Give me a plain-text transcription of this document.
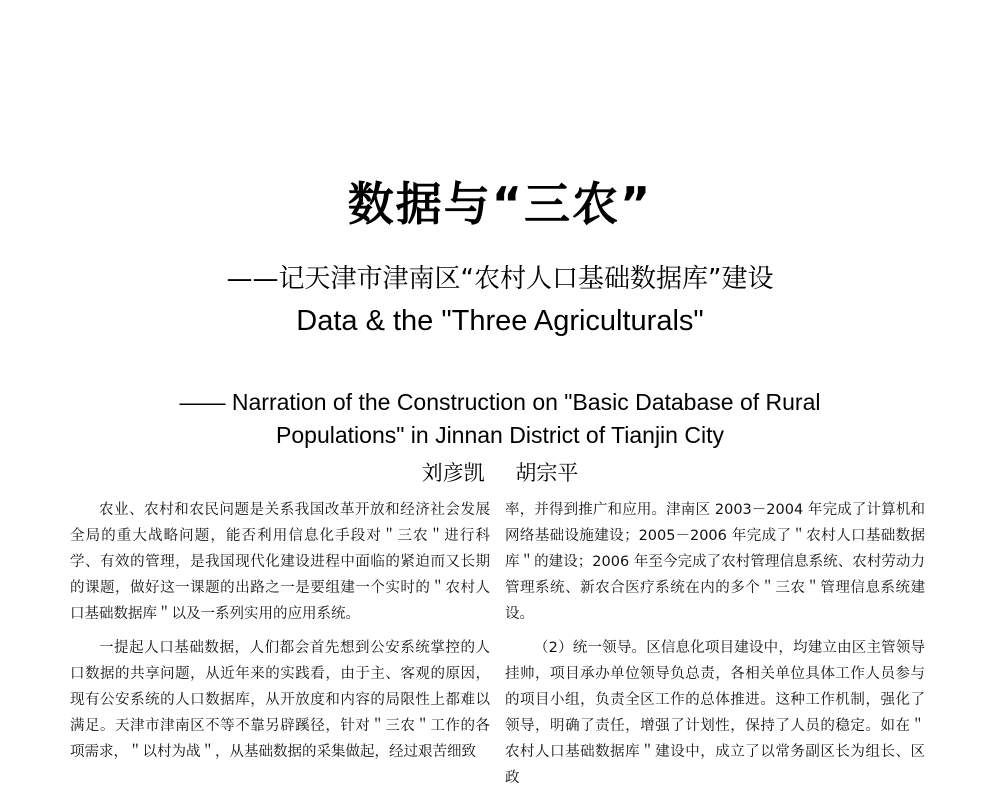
数据与“三农”
——记天津市津南区“农村人口基础数据库”建设
Data & the "Three Agriculturals"
—— Narration of the Construction on "Basic Database of Rural Populations" in Jinnan District of Tianjin City
刘彦凯 胡宗平

农业、农村和农民问题是关系我国改革开放和经济社会发展全局的重大战略问题，能否利用信息化手段对＂三农＂进行科学、有效的管理，是我国现代化建设进程中面临的紧迫而又长期的课题，做好这一课题的出路之一是要组建一个实时的＂农村人口基础数据库＂以及一系列实用的应用系统。

一提起人口基础数据，人们都会首先想到公安系统掌控的人口数据的共享问题，从近年来的实践看，由于主、客观的原因，现有公安系统的人口数据库，从开放度和内容的局限性上都难以满足。天津市津南区不等不靠另辟蹊径，针对＂三农＂工作的各项需求，＂以村为战＂，从基础数据的采集做起，经过艰苦细致

率，并得到推广和应用。津南区 2003－2004 年完成了计算机和网络基础设施建设；2005－2006 年完成了＂农村人口基础数据库＂的建设；2006 年至今完成了农村管理信息系统、农村劳动力管理系统、新农合医疗系统在内的多个＂三农＂管理信息系统建设。

（2）统一领导。区信息化项目建设中，均建立由区主管领导挂帅，项目承办单位领导负总责，各相关单位具体工作人员参与的项目小组，负责全区工作的总体推进。这种工作机制，强化了领导，明确了责任，增强了计划性，保持了人员的稳定。如在＂农村人口基础数据库＂建设中，成立了以常务副区长为组长、区政
